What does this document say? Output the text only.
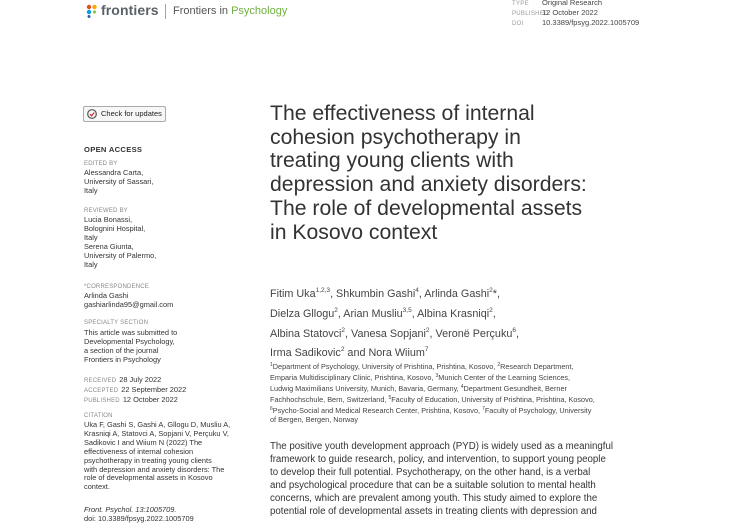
frontiers Frontiers in Psychology
TYPE Original Research
PUBLISHED12 October 2022
DOI 10.3389/fpsyg.2022.1005709
Check for updates
OPEN ACCESS
EDITED BY
Alessandra Carta,
University of Sassari,
Italy
REVIEWED BY
Lucia Bonassi,
Bolognini Hospital,
Italy
Serena Giunta,
University of Palermo,
Italy
*CORRESPONDENCE
Arlinda Gashi
gashiarlinda95@gmail.com
SPECIALTY SECTION
This article was submitted to
Developmental Psychology,
a section of the journal
Frontiers in Psychology
RECEIVED 28 July 2022
ACCEPTED 22 September 2022
PUBLISHED 12 October 2022
CITATION
Uka F, Gashi S, Gashi A, Gllogu D, Musliu A,
Krasniqi A, Statovci A, Sopjani V, Perçuku V,
Sadikovic I and Wiium N (2022) The
effectiveness of internal cohesion
psychotherapy in treating young clients
with depression and anxiety disorders: The
role of developmental assets in Kosovo
context.
Front. Psychol. 13:1005709.
doi: 10.3389/fpsyg.2022.1005709
The effectiveness of internal
cohesion psychotherapy in
treating young clients with
depression and anxiety disorders:
The role of developmental assets
in Kosovo context
Fitim Uka$^{1,2,3}$, Shkumbin Gashi$^4$, Arlinda Gashi$^2$*,
Dielza Gllogu$^2$, Arian Musliu$^{3,5}$, Albina Krasniqi$^2$,
Albina Statovci$^2$, Vanesa Sopjani$^2$, Veronë Perçuku$^6$,
Irma Sadikovic$^2$ and Nora Wiium$^7$
$^1$Department of Psychology, University of Prishtina, Prishtina, Kosovo, $^2$Research Department,
Emparia Multidisciplinary Clinic, Prishtina, Kosovo, $^3$Munich Center of the Learning Sciences,
Ludwig Maximilians University, Munich, Bavaria, Germany, $^4$Department Gesundheit, Berner
Fachhochschule, Bern, Switzerland, $^5$Faculty of Education, University of Prishtina, Prishtina, Kosovo,
$^6$Psycho-Social and Medical Research Center, Prishtina, Kosovo, $^7$Faculty of Psychology, University
of Bergen, Bergen, Norway
The positive youth development approach (PYD) is widely used as a meaningful
framework to guide research, policy, and intervention, to support young people
to develop their full potential. Psychotherapy, on the other hand, is a verbal
and psychological procedure that can be a suitable solution to mental health
concerns, which are prevalent among youth. This study aimed to explore the
potential role of developmental assets in treating clients with depression and
